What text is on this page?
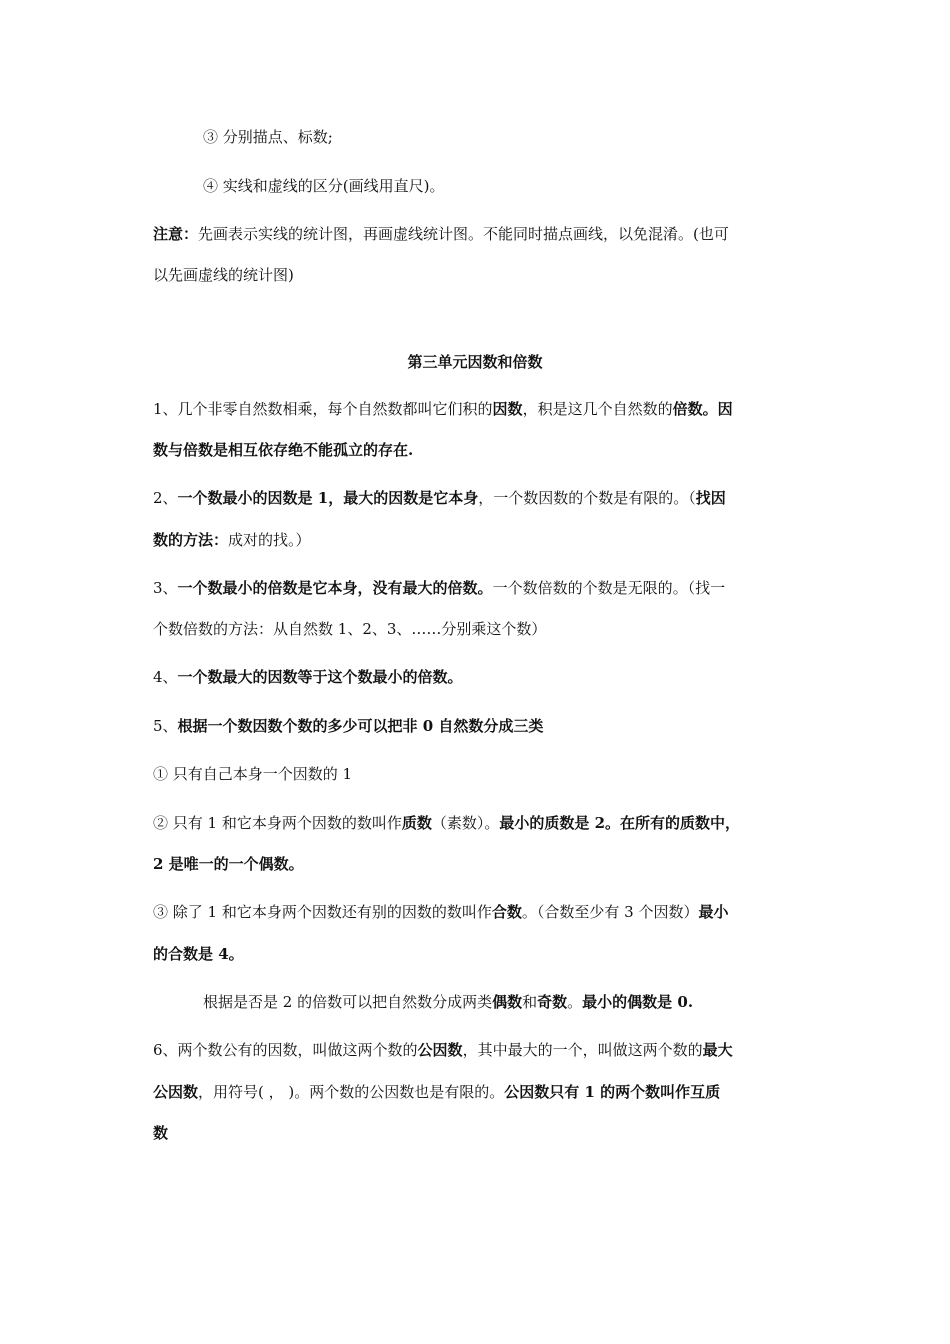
③ 分别描点、标数;
④ 实线和虚线的区分(画线用直尺)。
注意：先画表示实线的统计图，再画虚线统计图。不能同时描点画线，以免混淆。(也可
以先画虚线的统计图)
第三单元因数和倍数
1、几个非零自然数相乘，每个自然数都叫它们积的因数，积是这几个自然数的倍数。因
数与倍数是相互依存绝不能孤立的存在.
2、一个数最小的因数是 1，最大的因数是它本身，一个数因数的个数是有限的。（找因
数的方法：成对的找。）
3、一个数最小的倍数是它本身，没有最大的倍数。一个数倍数的个数是无限的。（找一
个数倍数的方法：从自然数 1、2、3、……分别乘这个数）
4、一个数最大的因数等于这个数最小的倍数。
5、根据一个数因数个数的多少可以把非 0 自然数分成三类
① 只有自己本身一个因数的 1
② 只有 1 和它本身两个因数的数叫作质数（素数）。最小的质数是 2。在所有的质数中，
2 是唯一的一个偶数。
③ 除了 1 和它本身两个因数还有别的因数的数叫作合数。（合数至少有 3 个因数）最小
的合数是 4。
根据是否是 2 的倍数可以把自然数分成两类偶数和奇数。最小的偶数是 0.
6、两个数公有的因数，叫做这两个数的公因数，其中最大的一个，叫做这两个数的最大
公因数，用符号( ， )。两个数的公因数也是有限的。公因数只有 1 的两个数叫作互质
数
